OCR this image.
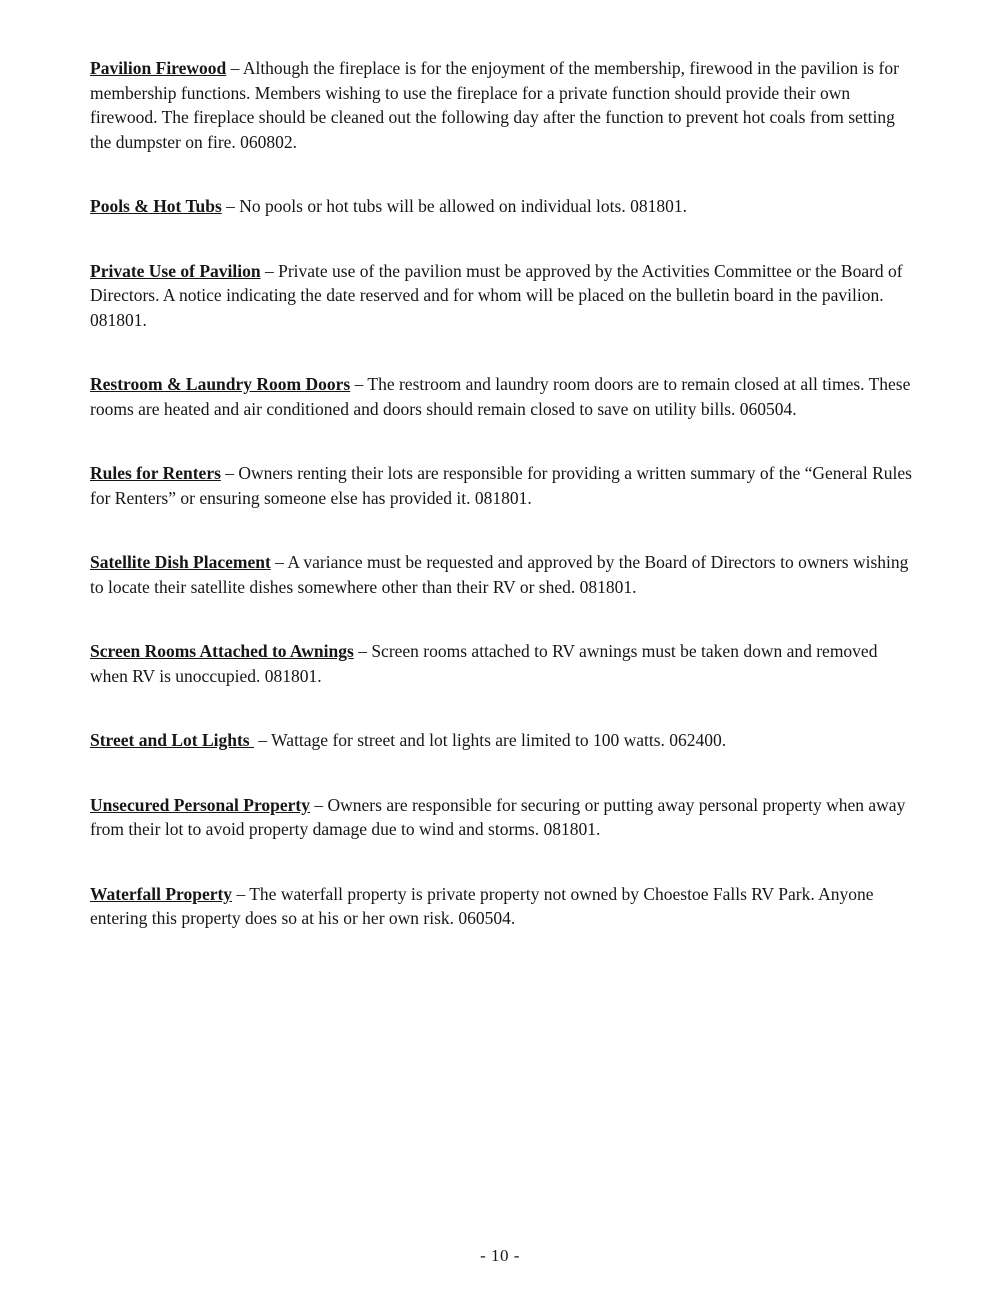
Pavilion Firewood – Although the fireplace is for the enjoyment of the membership, firewood in the pavilion is for membership functions. Members wishing to use the fireplace for a private function should provide their own firewood. The fireplace should be cleaned out the following day after the function to prevent hot coals from setting the dumpster on fire. 060802.

Pools & Hot Tubs – No pools or hot tubs will be allowed on individual lots. 081801.

Private Use of Pavilion – Private use of the pavilion must be approved by the Activities Committee or the Board of Directors. A notice indicating the date reserved and for whom will be placed on the bulletin board in the pavilion. 081801.

Restroom & Laundry Room Doors – The restroom and laundry room doors are to remain closed at all times. These rooms are heated and air conditioned and doors should remain closed to save on utility bills. 060504.

Rules for Renters – Owners renting their lots are responsible for providing a written summary of the “General Rules for Renters” or ensuring someone else has provided it. 081801.

Satellite Dish Placement – A variance must be requested and approved by the Board of Directors to owners wishing to locate their satellite dishes somewhere other than their RV or shed. 081801.

Screen Rooms Attached to Awnings – Screen rooms attached to RV awnings must be taken down and removed when RV is unoccupied. 081801.

Street and Lot Lights  – Wattage for street and lot lights are limited to 100 watts. 062400.

Unsecured Personal Property – Owners are responsible for securing or putting away personal property when away from their lot to avoid property damage due to wind and storms. 081801.

Waterfall Property – The waterfall property is private property not owned by Choestoe Falls RV Park. Anyone entering this property does so at his or her own risk. 060504.

- 10 -
